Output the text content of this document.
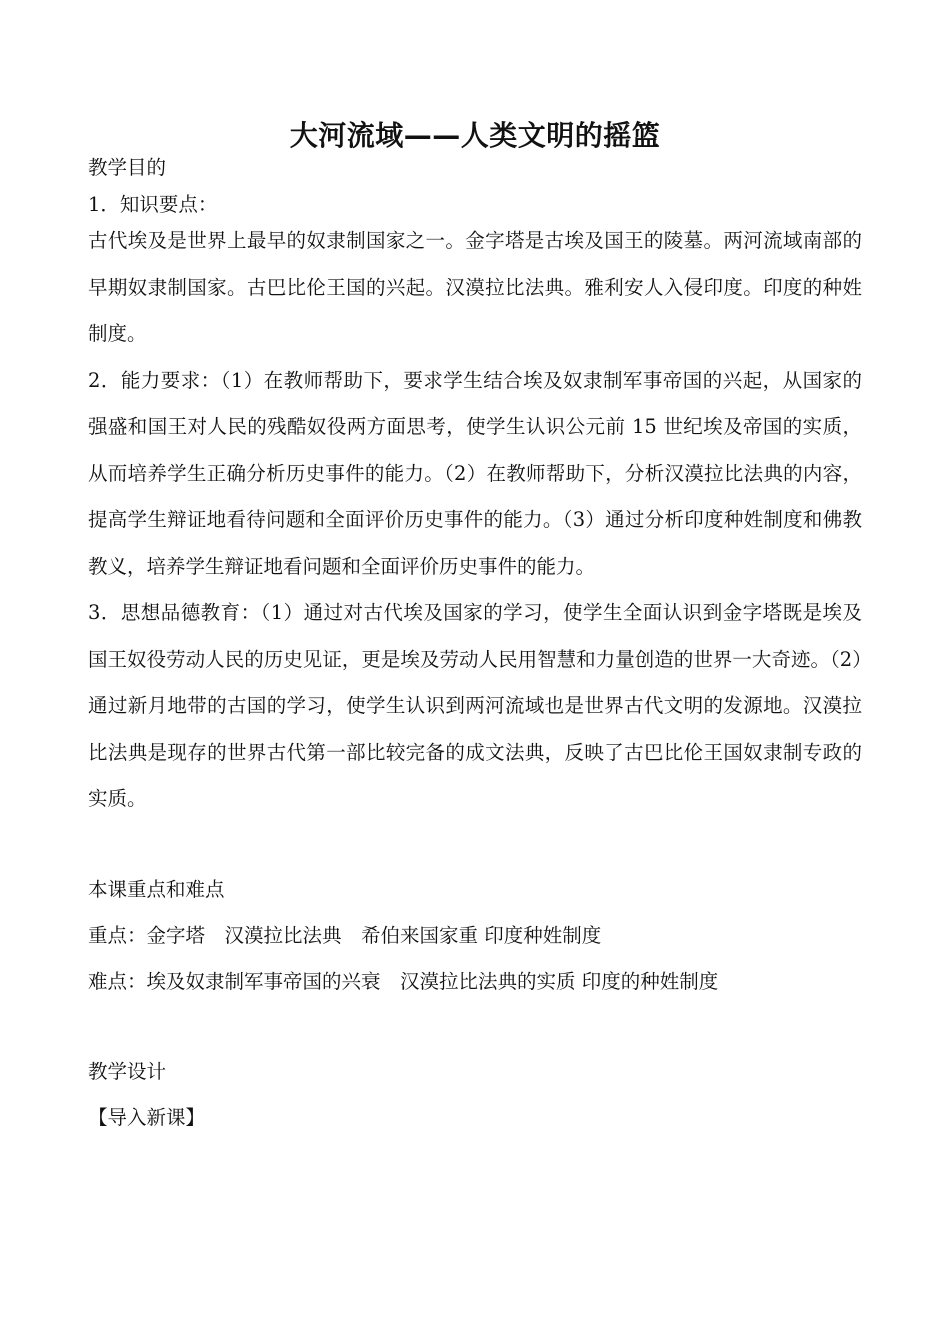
大河流域——人类文明的摇篮

教学目的

1．知识要点：

古代埃及是世界上最早的奴隶制国家之一。金字塔是古埃及国王的陵墓。两河流域南部的早期奴隶制国家。古巴比伦王国的兴起。汉漠拉比法典。雅利安人入侵印度。印度的种姓制度。

2．能力要求：（1）在教师帮助下，要求学生结合埃及奴隶制军事帝国的兴起，从国家的强盛和国王对人民的残酷奴役两方面思考，使学生认识公元前 15 世纪埃及帝国的实质，从而培养学生正确分析历史事件的能力。（2）在教师帮助下，分析汉漠拉比法典的内容，提高学生辩证地看待问题和全面评价历史事件的能力。（3）通过分析印度种姓制度和佛教教义，培养学生辩证地看问题和全面评价历史事件的能力。

3．思想品德教育：（1）通过对古代埃及国家的学习，使学生全面认识到金字塔既是埃及国王奴役劳动人民的历史见证，更是埃及劳动人民用智慧和力量创造的世界一大奇迹。（2）通过新月地带的古国的学习，使学生认识到两河流域也是世界古代文明的发源地。汉漠拉比法典是现存的世界古代第一部比较完备的成文法典，反映了古巴比伦王国奴隶制专政的实质。

本课重点和难点

重点：金字塔　汉漠拉比法典　希伯来国家重 印度种姓制度

难点：埃及奴隶制军事帝国的兴衰　汉漠拉比法典的实质 印度的种姓制度

教学设计

【导入新课】
